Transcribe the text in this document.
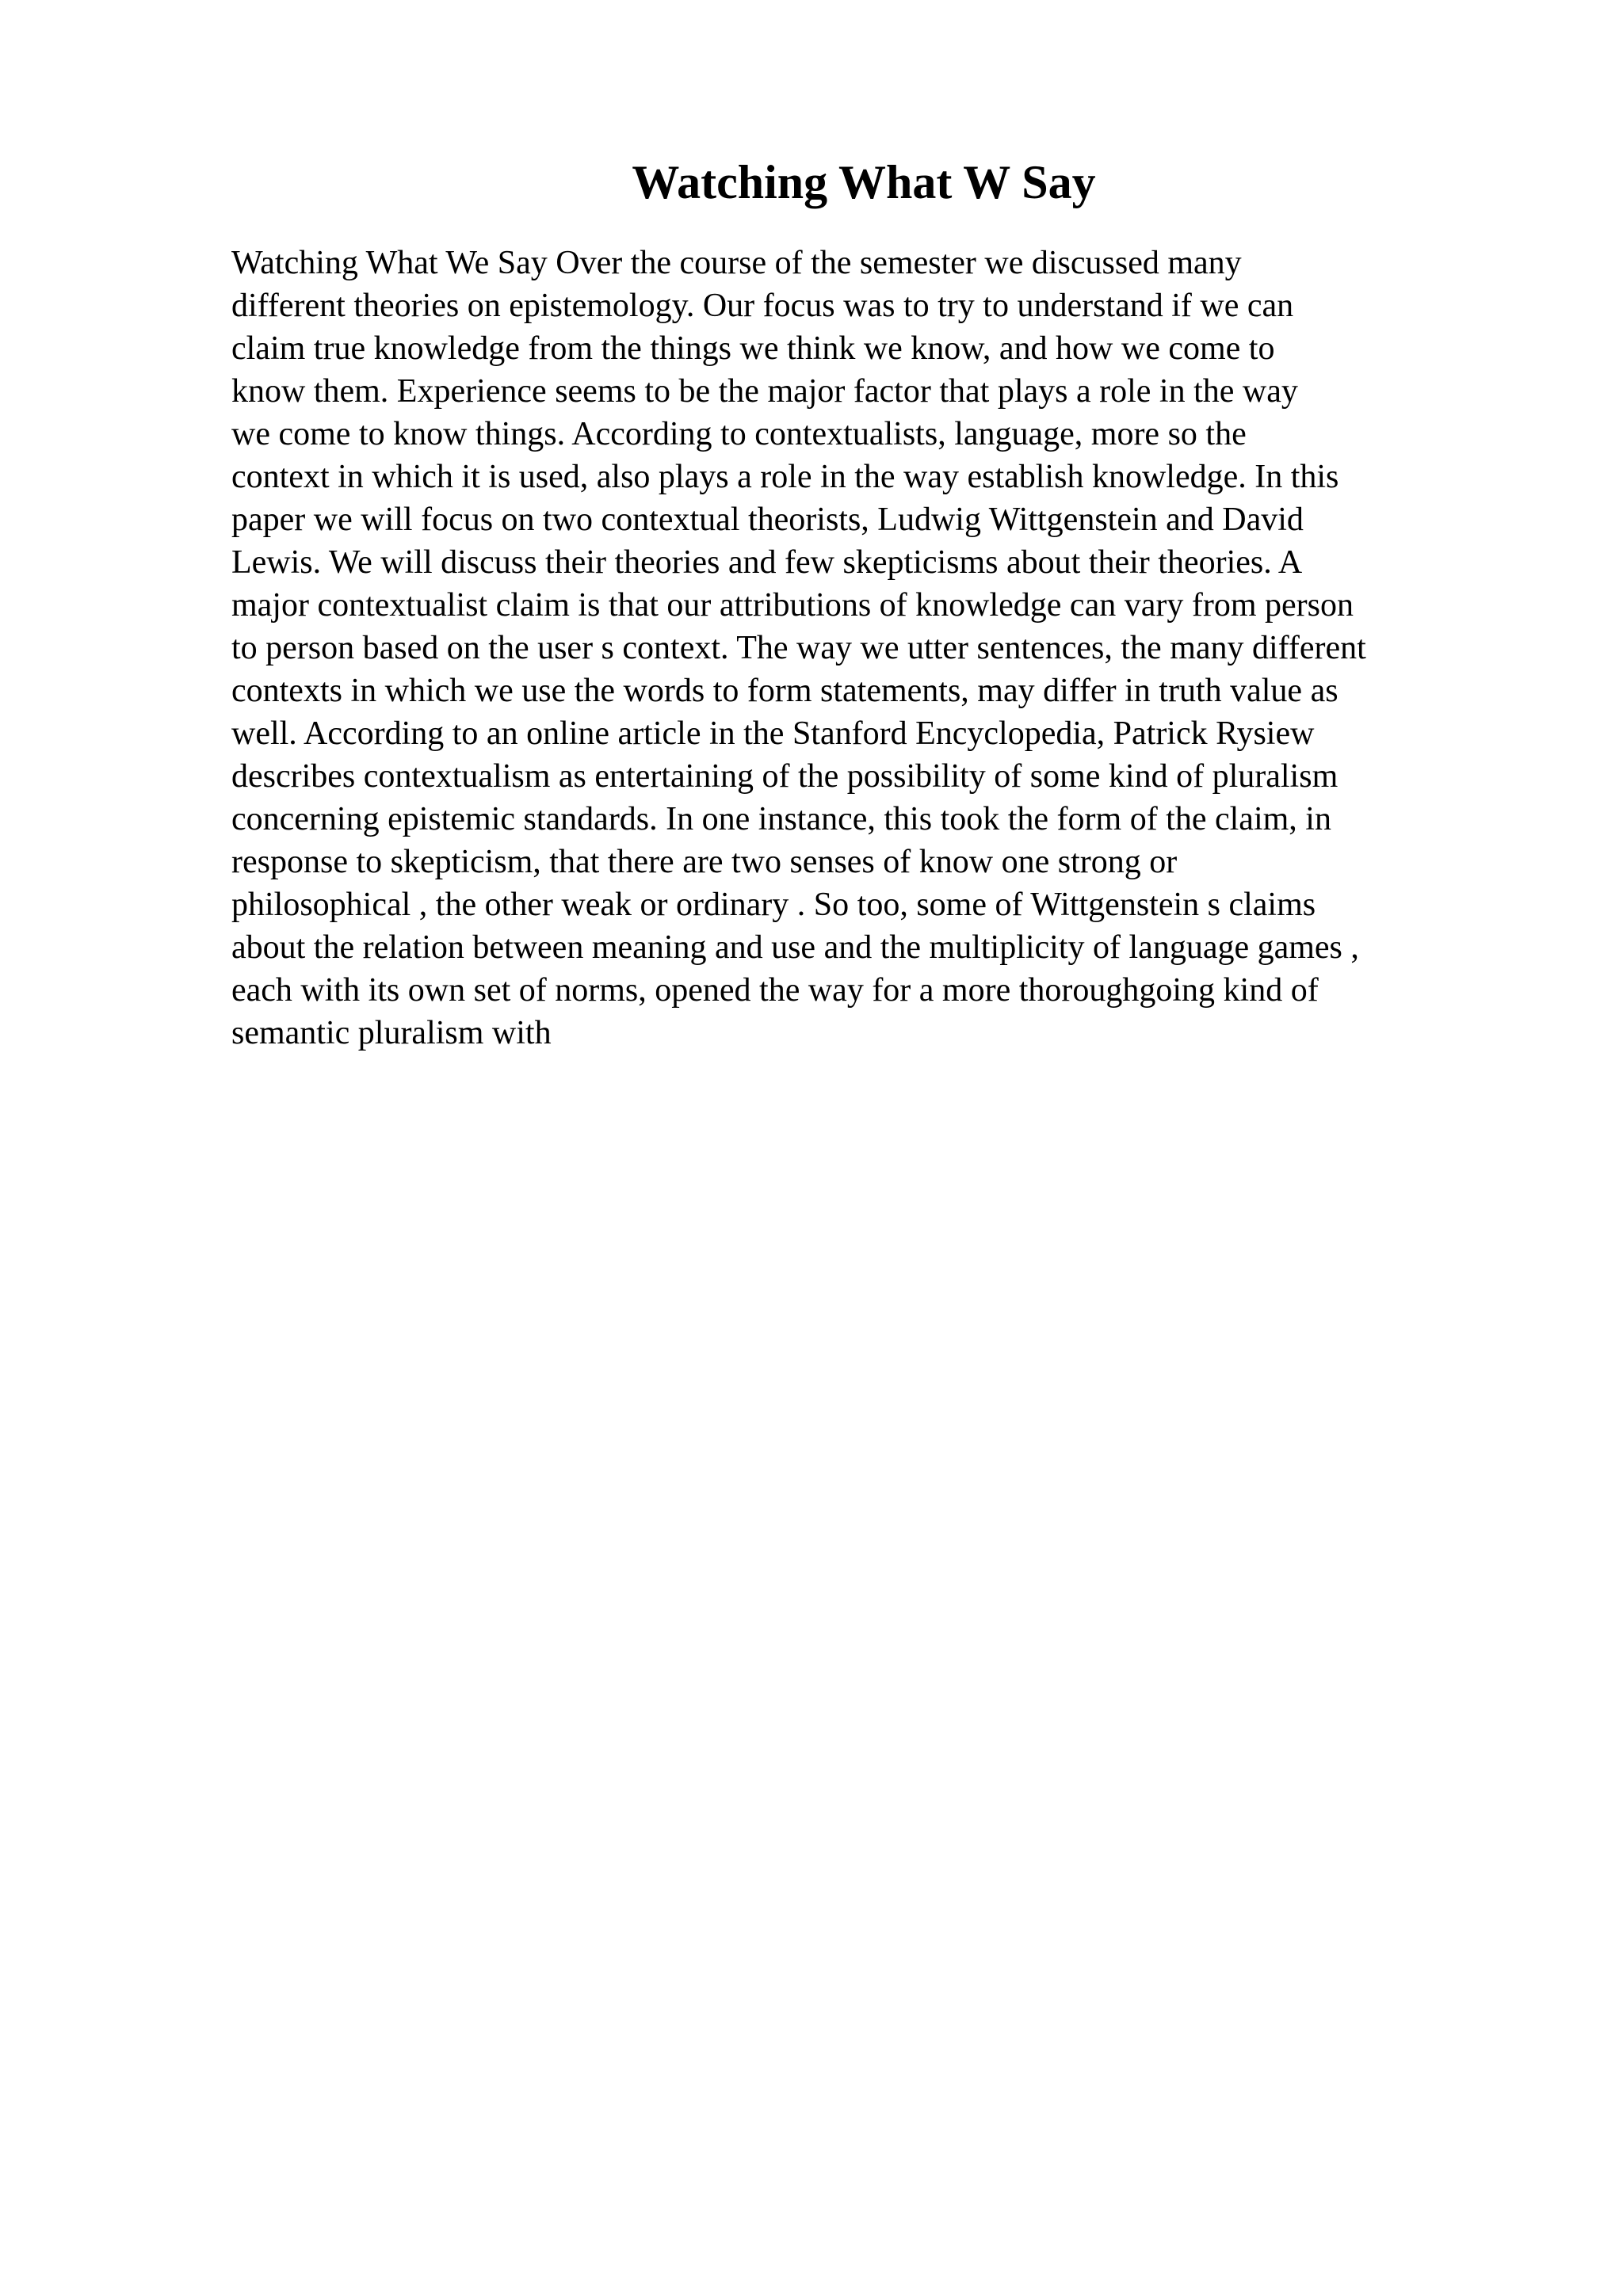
Watching What W Say
Watching What We Say Over the course of the semester we discussed many
different theories on epistemology. Our focus was to try to understand if we can
claim true knowledge from the things we think we know, and how we come to
know them. Experience seems to be the major factor that plays a role in the way
we come to know things. According to contextualists, language, more so the
context in which it is used, also plays a role in the way establish knowledge. In this
paper we will focus on two contextual theorists, Ludwig Wittgenstein and David
Lewis. We will discuss their theories and few skepticisms about their theories. A
major contextualist claim is that our attributions of knowledge can vary from person
to person based on the user s context. The way we utter sentences, the many different
contexts in which we use the words to form statements, may differ in truth value as
well. According to an online article in the Stanford Encyclopedia, Patrick Rysiew
describes contextualism as entertaining of the possibility of some kind of pluralism
concerning epistemic standards. In one instance, this took the form of the claim, in
response to skepticism, that there are two senses of know one strong or
philosophical , the other weak or ordinary . So too, some of Wittgenstein s claims
about the relation between meaning and use and the multiplicity of language games ,
each with its own set of norms, opened the way for a more thoroughgoing kind of
semantic pluralism with
